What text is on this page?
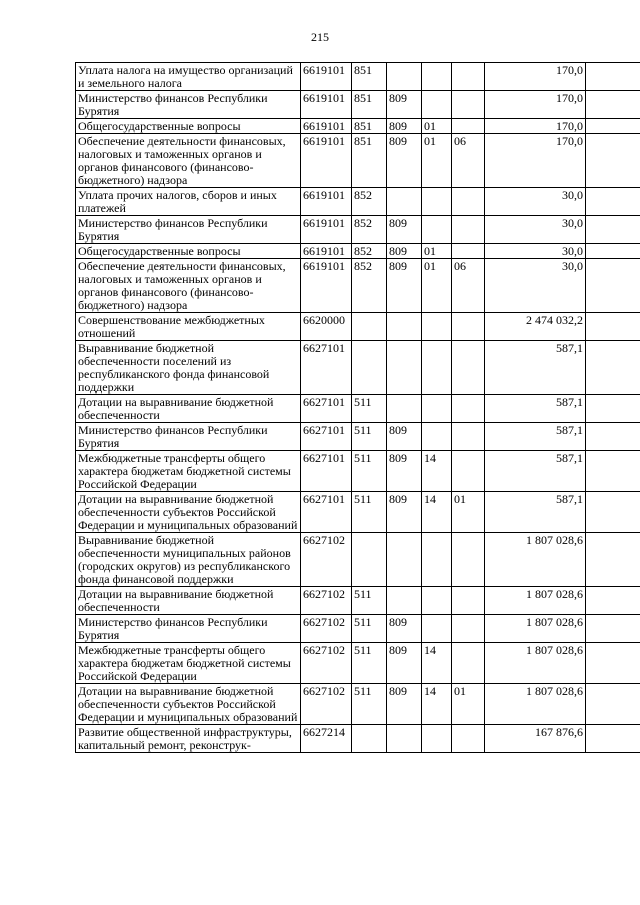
215
Уплата налога на имущество организаций и земельного налога	6619101	851				170,0	
Министерство финансов Республики Бурятия	6619101	851	809			170,0	
Общегосударственные вопросы	6619101	851	809	01		170,0	
Обеспечение деятельности финансовых, налоговых и таможенных органов и органов финансового (финансово-бюджетного) надзора	6619101	851	809	01	06	170,0	
Уплата прочих налогов, сборов и иных платежей	6619101	852				30,0	
Министерство финансов Республики Бурятия	6619101	852	809			30,0	
Общегосударственные вопросы	6619101	852	809	01		30,0	
Обеспечение деятельности финансовых, налоговых и таможенных органов и органов финансового (финансово-бюджетного) надзора	6619101	852	809	01	06	30,0	
Совершенствование межбюджетных отношений	6620000					2 474 032,2	
Выравнивание бюджетной обеспеченности поселений из республиканского фонда финансовой поддержки	6627101					587,1	
Дотации на выравнивание бюджетной обеспеченности	6627101	511				587,1	
Министерство финансов Республики Бурятия	6627101	511	809			587,1	
Межбюджетные трансферты общего характера бюджетам бюджетной системы Российской Федерации	6627101	511	809	14		587,1	
Дотации на выравнивание бюджетной обеспеченности субъектов Российской Федерации и муниципальных образований	6627101	511	809	14	01	587,1	
Выравнивание бюджетной обеспеченности муниципальных районов (городских округов) из республиканского фонда финансовой поддержки	6627102					1 807 028,6	
Дотации на выравнивание бюджетной обеспеченности	6627102	511				1 807 028,6	
Министерство финансов Республики Бурятия	6627102	511	809			1 807 028,6	
Межбюджетные трансферты общего характера бюджетам бюджетной системы Российской Федерации	6627102	511	809	14		1 807 028,6	
Дотации на выравнивание бюджетной обеспеченности субъектов Российской Федерации и муниципальных образований	6627102	511	809	14	01	1 807 028,6	
Развитие общественной инфраструктуры, капитальный ремонт, реконструк-	6627214					167 876,6	
